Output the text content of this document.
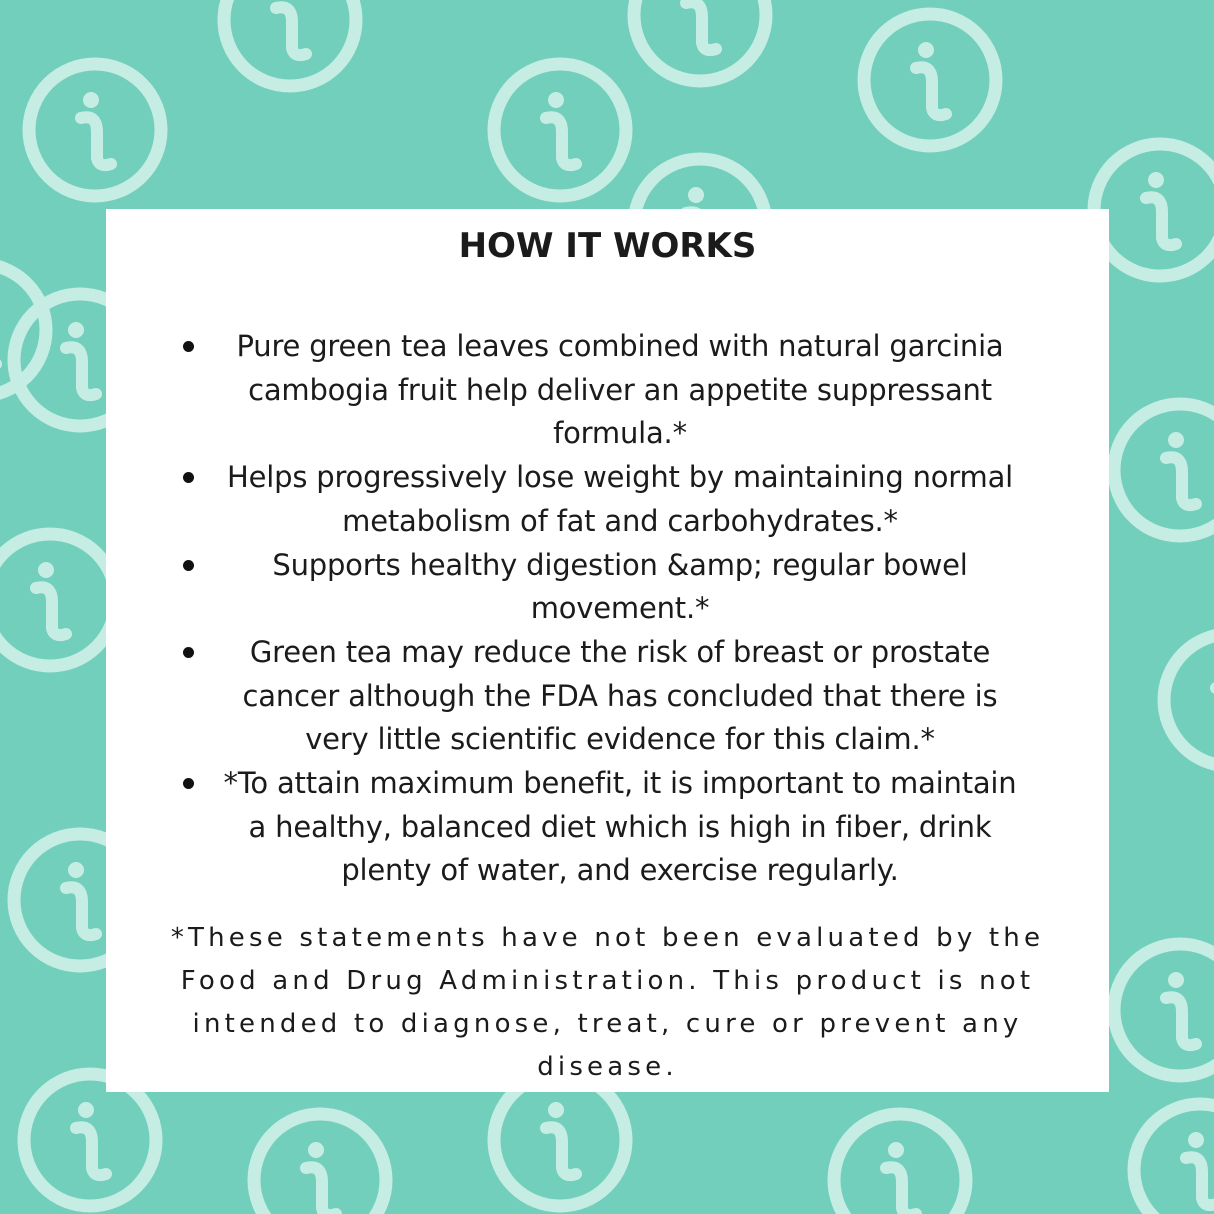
HOW IT WORKS
Pure green tea leaves combined with natural garcinia cambogia fruit help deliver an appetite suppressant formula.*
Helps progressively lose weight by maintaining normal metabolism of fat and carbohydrates.*
Supports healthy digestion &amp; regular bowel movement.*
Green tea may reduce the risk of breast or prostate cancer although the FDA has concluded that there is very little scientific evidence for this claim.*
*To attain maximum benefit, it is important to maintain a healthy, balanced diet which is high in fiber, drink plenty of water, and exercise regularly.

*These statements have not been evaluated by the Food and Drug Administration. This product is not intended to diagnose, treat, cure or prevent any disease.
